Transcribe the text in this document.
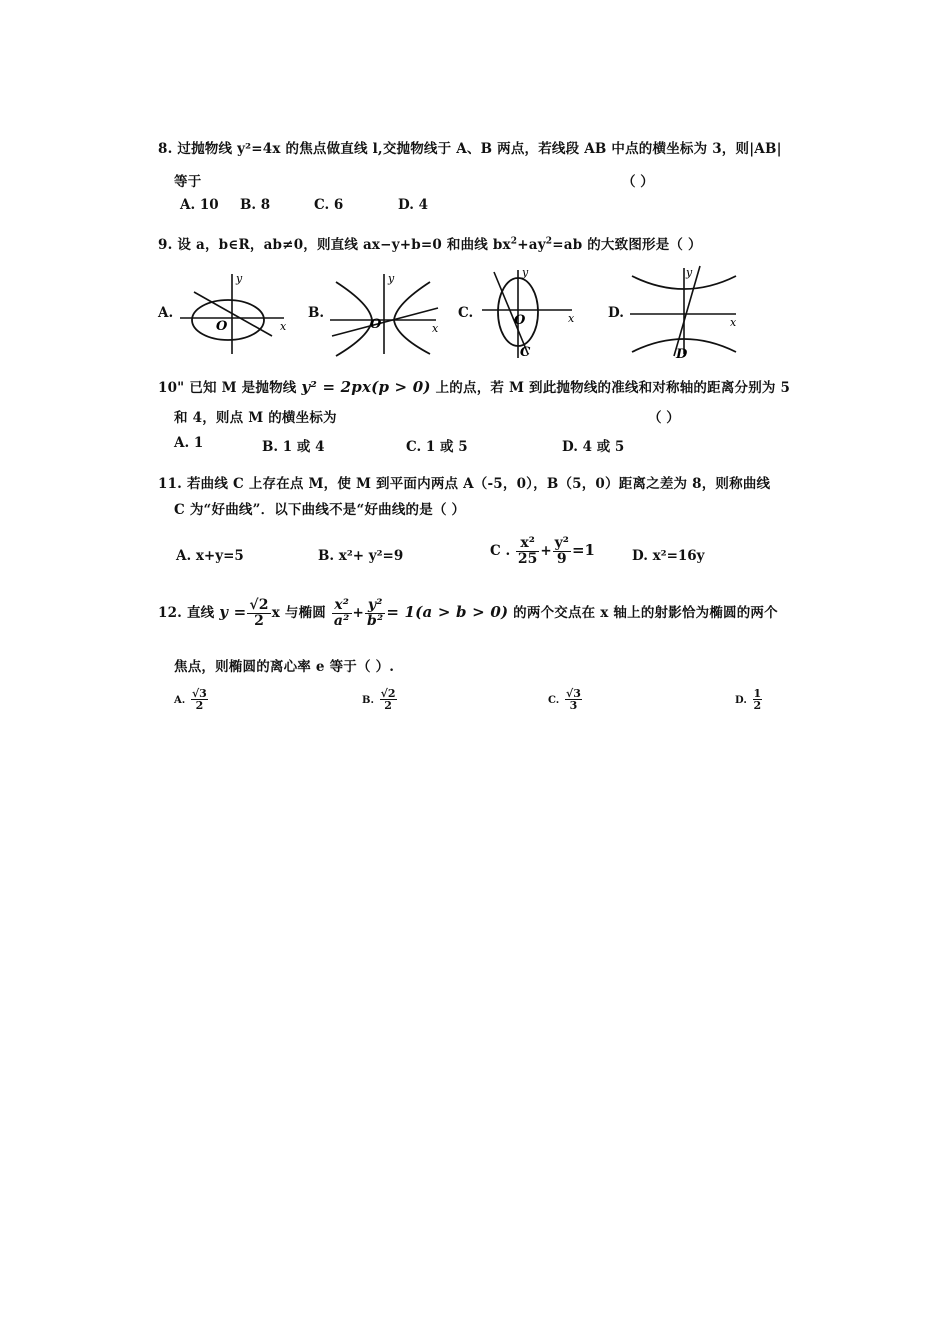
8. 过抛物线 y²=4x 的焦点做直线 l,交抛物线于 A、B 两点，若线段 AB 中点的横坐标为 3，则|AB|
等于	（ ）
A. 10 B. 8	C. 6	D. 4
9. 设 a，b∈R，ab≠0，则直线 ax−y+b=0 和曲线 $bx^2+ay^2=ab$ 的大致图形是（ ）
A.	B.	C.	D.
y
O	x
y
O	x
y
O	x
C
y
x
D
10" 已知 M 是抛物线 y² = 2px(p > 0) 上的点，若 M 到此抛物线的准线和对称轴的距离分别为 5
和 4，则点 M 的横坐标为	（ ）
A. 1	B. 1 或 4	C. 1 或 5	D. 4 或 5
11. 若曲线 C 上存在点 M，使 M 到平面内两点 A（-5，0），B（5，0）距离之差为 8，则称曲线
C 为“好曲线”．以下曲线不是“好曲线的是（ ）
A. x+y=5	B. x²+ y²=9	C . $\frac{\text{x²}}{25} + \frac{\text{y²}}{9} =1$	D. x²=16y
12. 直线 $y = \frac{√2}{2}$ x 与椭圆 $\frac{\text{x²}}{\text{a²}} + \frac{\text{y²}}{\text{b²}} = 1(a > b > 0)$ 的两个交点在 x 轴上的射影恰为椭圆的两个
焦点，则椭圆的离心率 e 等于（ ）.
A. $\frac{√3}{2}$	B. $\frac{√2}{2}$	C. $\frac{√3}{3}$	D. $\frac{1}{2}$
